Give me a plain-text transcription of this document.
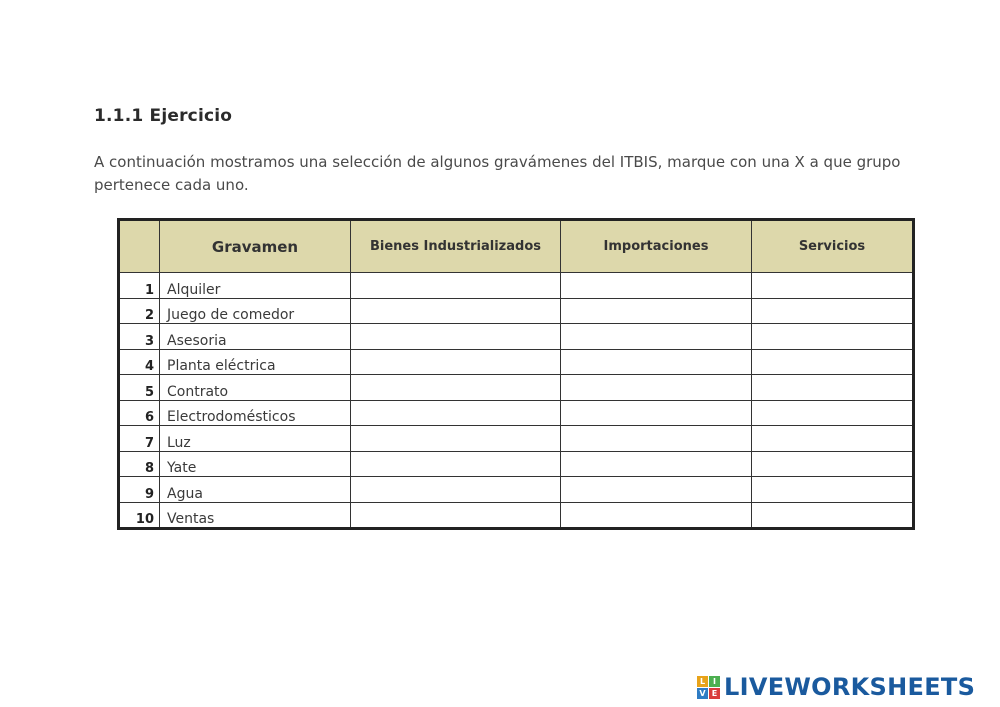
1.1.1 Ejercicio
A continuación mostramos una selección de algunos gravámenes del ITBIS, marque con una X a que grupo pertenece cada uno.
	Gravamen	Bienes Industrializados	Importaciones	Servicios
1	Alquiler			
2	Juego de comedor			
3	Asesoria			
4	Planta eléctrica			
5	Contrato			
6	Electrodomésticos			
7	Luz			
8	Yate			
9	Agua			
10	Ventas			
L I
V E LIVEWORKSHEETS
